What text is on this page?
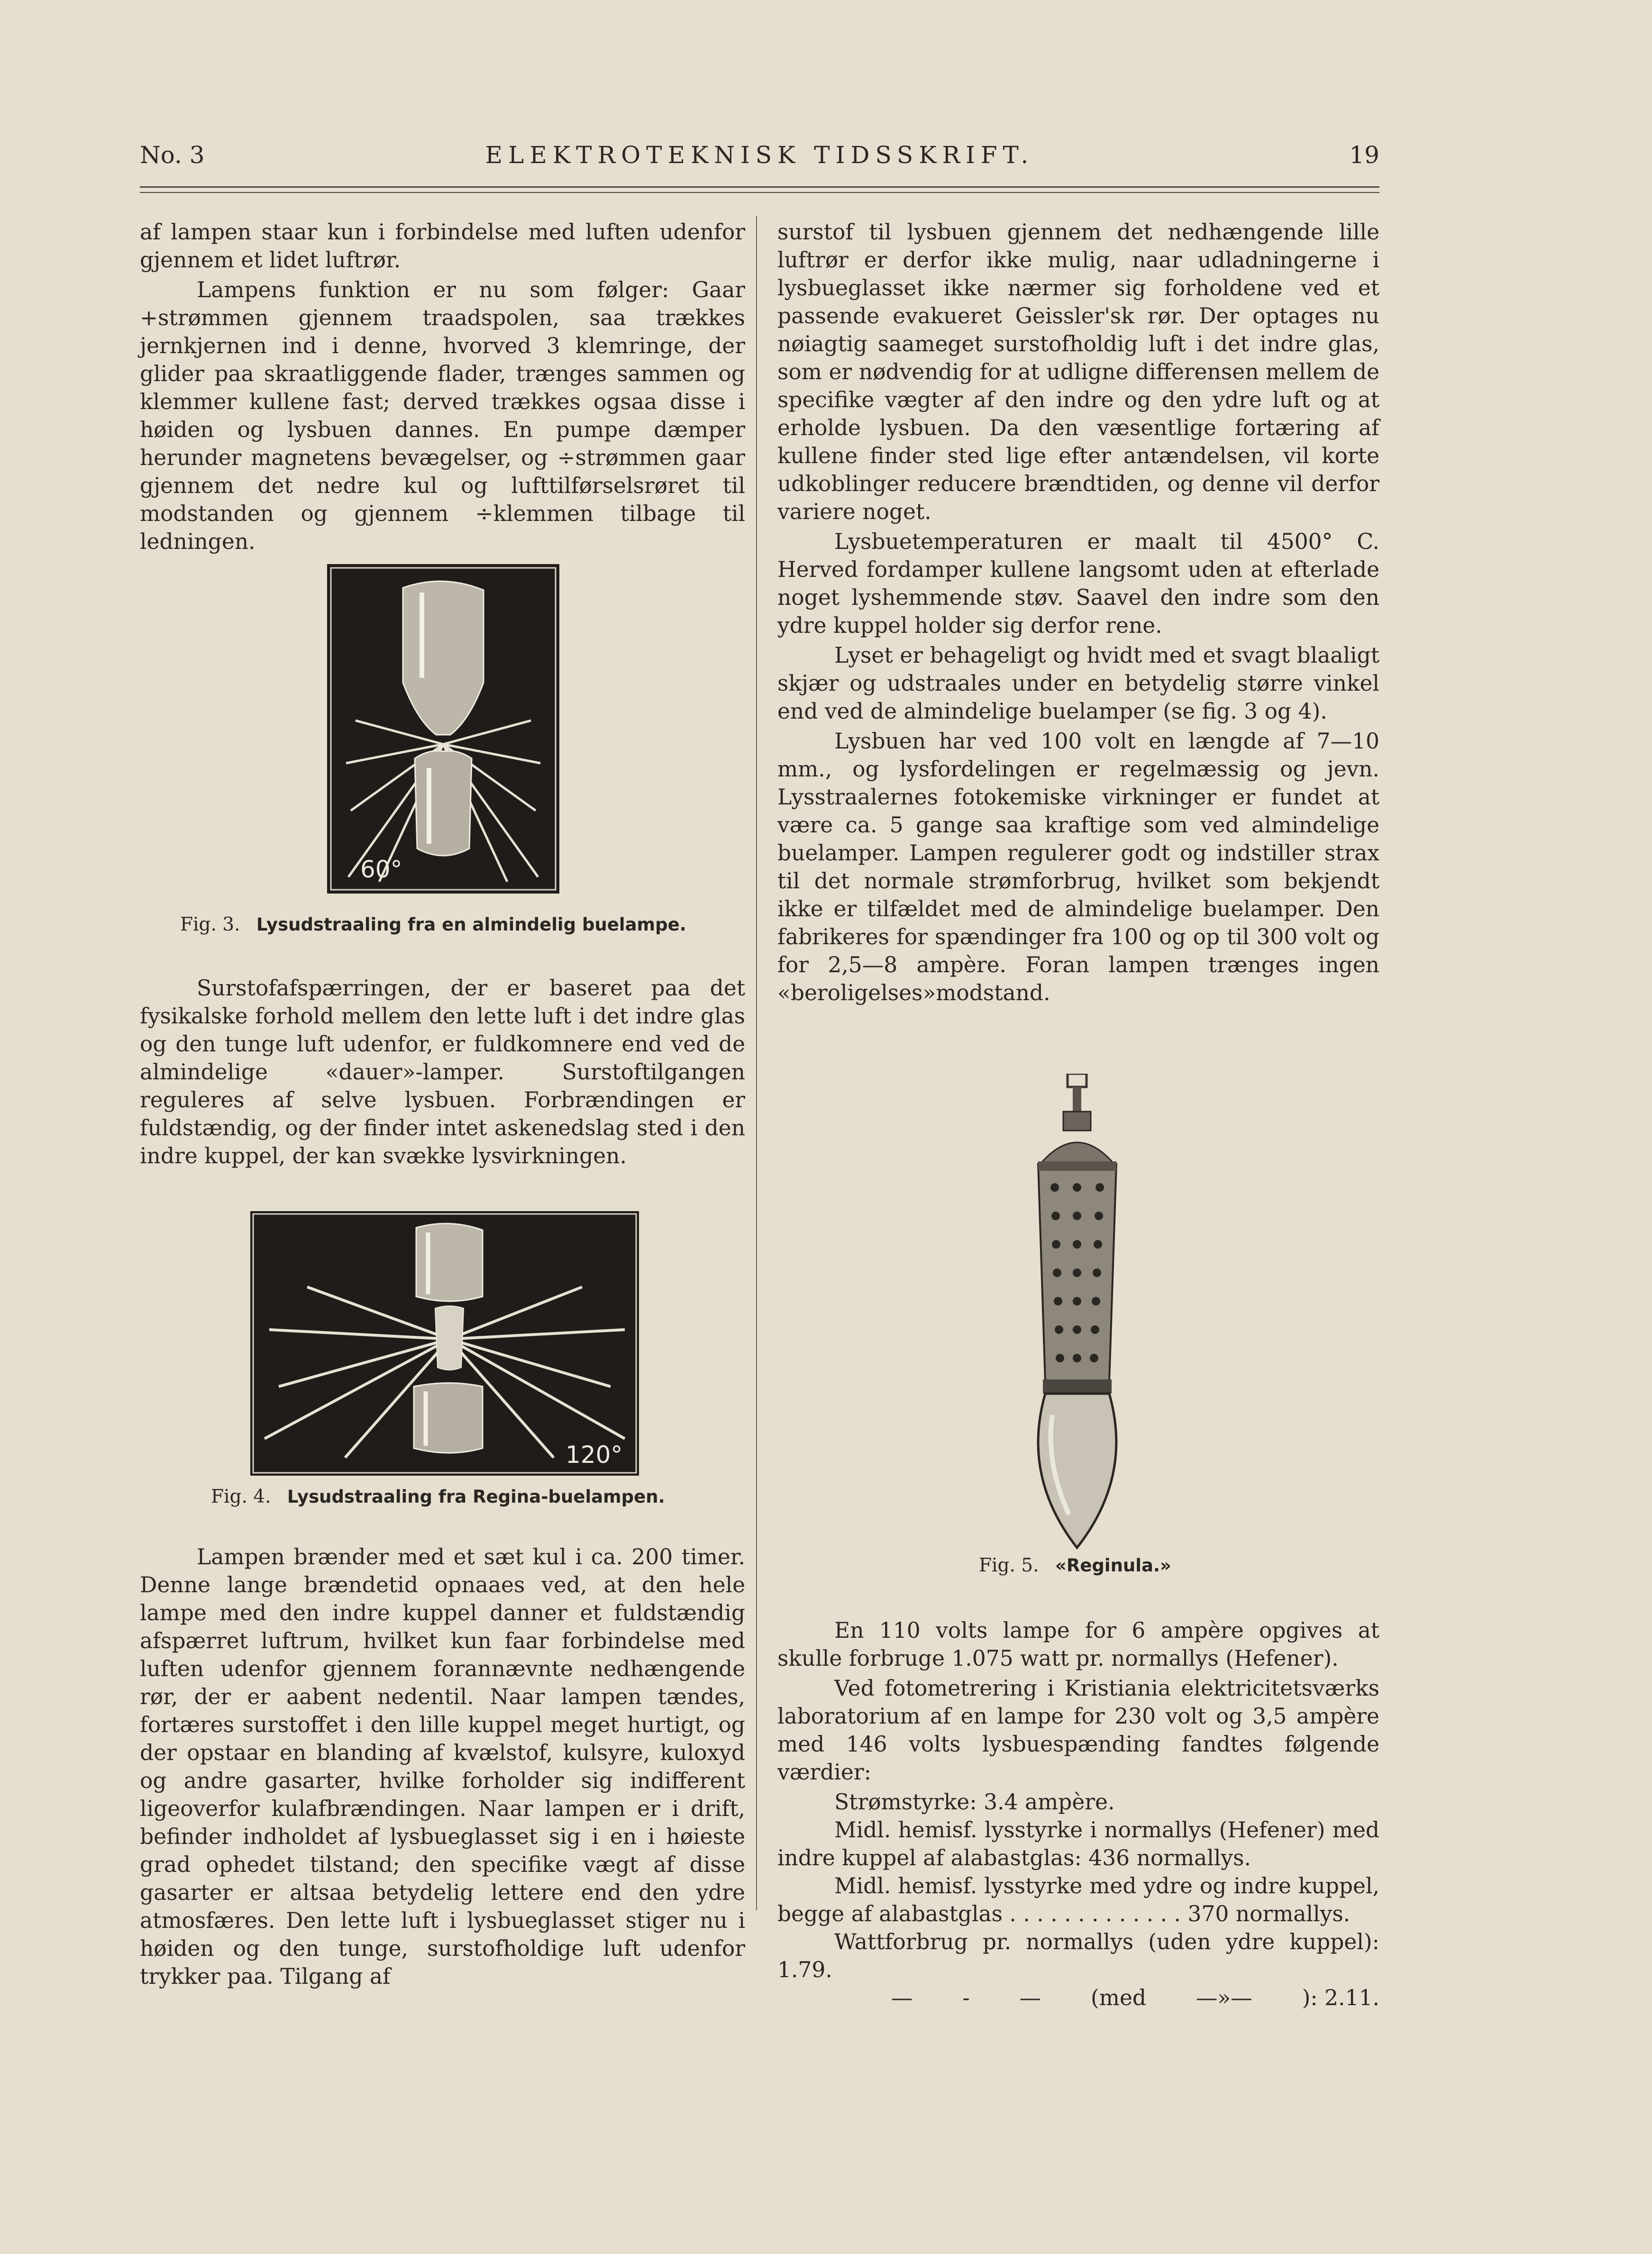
No. 3	ELEKTROTEKNISK TIDSSKRIFT.	19

af lampen staar kun i forbindelse med luften udenfor gjennem et lidet luftrør.

Lampens funktion er nu som følger: Gaar +strømmen gjennem traadspolen, saa trækkes jernkjernen ind i denne, hvorved 3 klemringe, der glider paa skraatliggende flader, trænges sammen og klemmer kullene fast; derved trækkes ogsaa disse i høiden og lysbuen dannes. En pumpe dæmper herunder magnetens bevægelser, og ÷strømmen gaar gjennem det nedre kul og lufttilførselsrøret til modstanden og gjennem ÷klemmen tilbage til ledningen.

60°
Fig. 3. Lysudstraaling fra en almindelig buelampe.

Surstofafspærringen, der er baseret paa det fysikalske forhold mellem den lette luft i det indre glas og den tunge luft udenfor, er fuldkomnere end ved de almindelige «dauer»-lamper. Surstoftilgangen reguleres af selve lysbuen. Forbrændingen er fuldstændig, og der finder intet askenedslag sted i den indre kuppel, der kan svække lysvirkningen.

120°
Fig. 4. Lysudstraaling fra Regina-buelampen.

Lampen brænder med et sæt kul i ca. 200 timer. Denne lange brændetid opnaaes ved, at den hele lampe med den indre kuppel danner et fuldstændig afspærret luftrum, hvilket kun faar forbindelse med luften udenfor gjennem forannævnte nedhængende rør, der er aabent nedentil. Naar lampen tændes, fortæres surstoffet i den lille kuppel meget hurtigt, og der opstaar en blanding af kvælstof, kulsyre, kuloxyd og andre gasarter, hvilke forholder sig indifferent ligeoverfor kulafbrændingen. Naar lampen er i drift, befinder indholdet af lysbueglasset sig i en i høieste grad ophedet tilstand; den specifike vægt af disse gasarter er altsaa betydelig lettere end den ydre atmosfæres. Den lette luft i lysbueglasset stiger nu i høiden og den tunge, surstofholdige luft udenfor trykker paa. Tilgang af

surstof til lysbuen gjennem det nedhængende lille luftrør er derfor ikke mulig, naar udladningerne i lysbueglasset ikke nærmer sig forholdene ved et passende evakueret Geissler'sk rør. Der optages nu nøiagtig saameget surstofholdig luft i det indre glas, som er nødvendig for at udligne differensen mellem de specifike vægter af den indre og den ydre luft og at erholde lysbuen. Da den væsentlige fortæring af kullene finder sted lige efter antændelsen, vil korte udkoblinger reducere brændtiden, og denne vil derfor variere noget.

Lysbuetemperaturen er maalt til 4500° C. Herved fordamper kullene langsomt uden at efterlade noget lyshemmende støv. Saavel den indre som den ydre kuppel holder sig derfor rene.

Lyset er behageligt og hvidt med et svagt blaaligt skjær og udstraales under en betydelig større vinkel end ved de almindelige buelamper (se fig. 3 og 4).

Lysbuen har ved 100 volt en længde af 7—10 mm., og lysfordelingen er regelmæssig og jevn. Lysstraalernes fotokemiske virkninger er fundet at være ca. 5 gange saa kraftige som ved almindelige buelamper. Lampen regulerer godt og indstiller strax til det normale strømforbrug, hvilket som bekjendt ikke er tilfældet med de almindelige buelamper. Den fabrikeres for spændinger fra 100 og op til 300 volt og for 2,5—8 ampère. Foran lampen trænges ingen «beroligelses»modstand.

Fig. 5. «Reginula.»

En 110 volts lampe for 6 ampère opgives at skulle forbruge 1.075 watt pr. normallys (Hefener).

Ved fotometrering i Kristiania elektricitetsværks laboratorium af en lampe for 230 volt og 3,5 ampère med 146 volts lysbuespænding fandtes følgende værdier:

Strømstyrke: 3.4 ampère.

Midl. hemisf. lysstyrke i normallys (Hefener) med indre kuppel af alabastglas: 436 normallys.

Midl. hemisf. lysstyrke med ydre og indre kuppel, begge af alabastglas . . . . . . . . . . . . . 370 normallys.

Wattforbrug pr. normallys (uden ydre kuppel): 1.79.

— - — (med —»— ): 2.11.
